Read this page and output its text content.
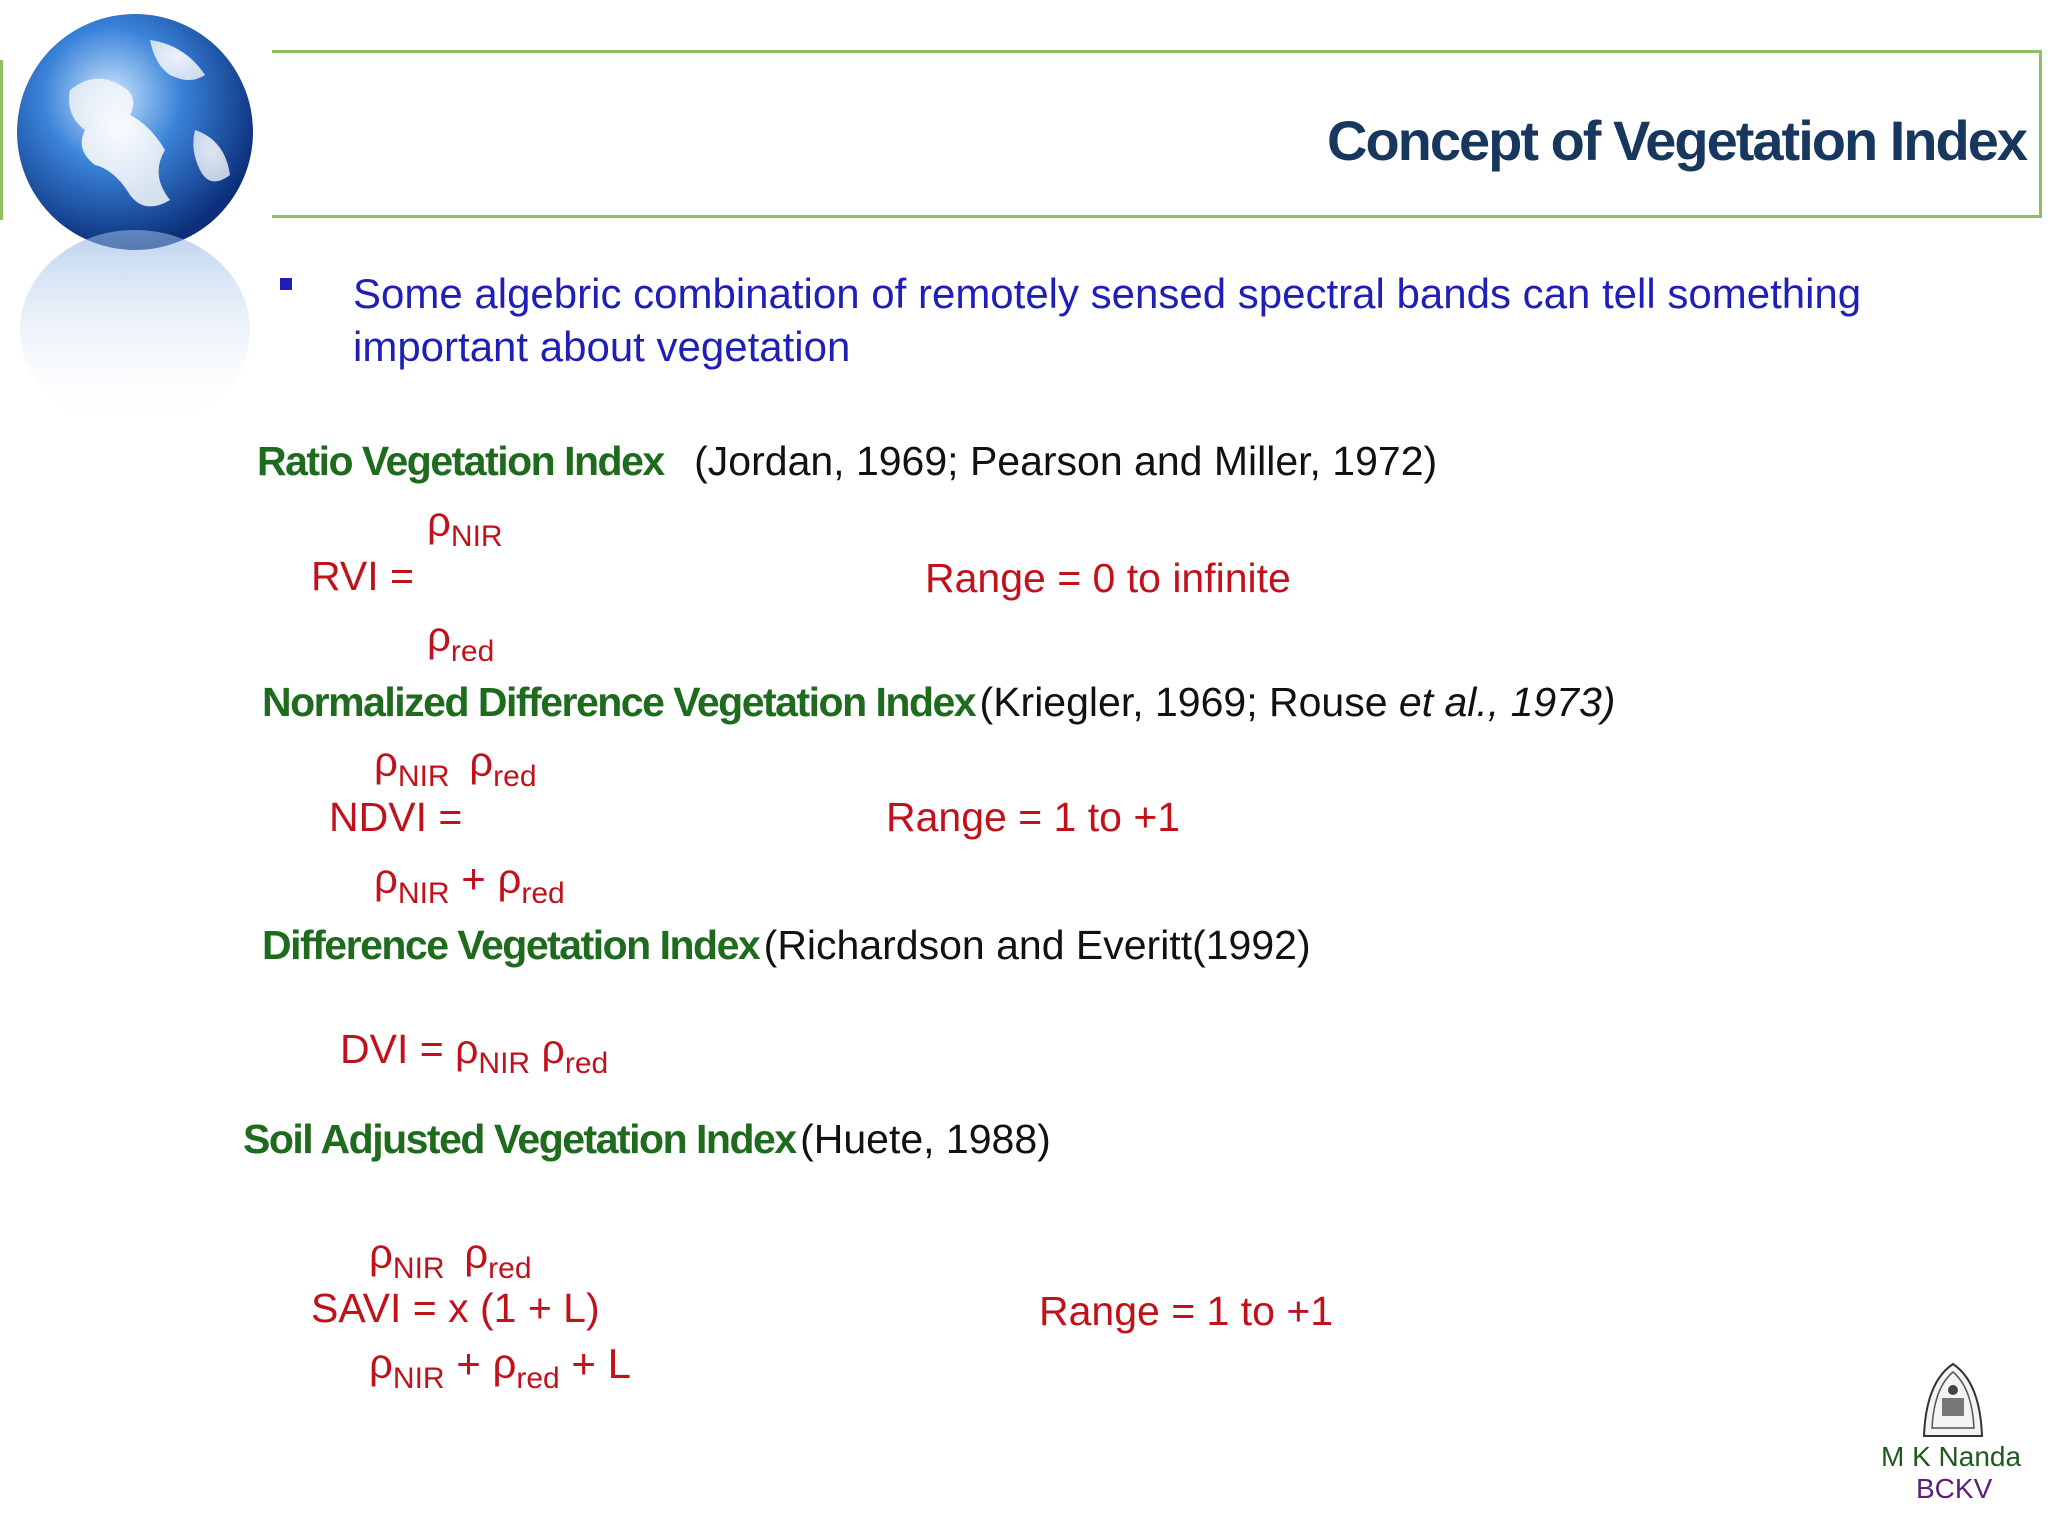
Concept of Vegetation Index
Some algebric combination of remotely sensed spectral bands can tell something important about vegetation
Ratio Vegetation Index (Jordan, 1969; Pearson and Miller, 1972)
$\rho_{NIR}$
RVI =	Range = 0 to infinite
$\rho_{red}$
Normalized Difference Vegetation Index (Kriegler, 1969; Rouse et al., 1973)
$\rho_{NIR}$ $\rho_{red}$
NDVI =	Range = 1 to +1
$\rho_{NIR} + \rho_{red}$
Difference Vegetation Index (Richardson and Everitt(1992)
DVI = $\rho_{NIR}$ $\rho_{red}$
Soil Adjusted Vegetation Index (Huete, 1988)
$\rho_{NIR}$ $\rho_{red}$
SAVI = x (1 + L)	Range = 1 to +1
$\rho_{NIR} + \rho_{red} + L$
M K Nanda
BCKV
